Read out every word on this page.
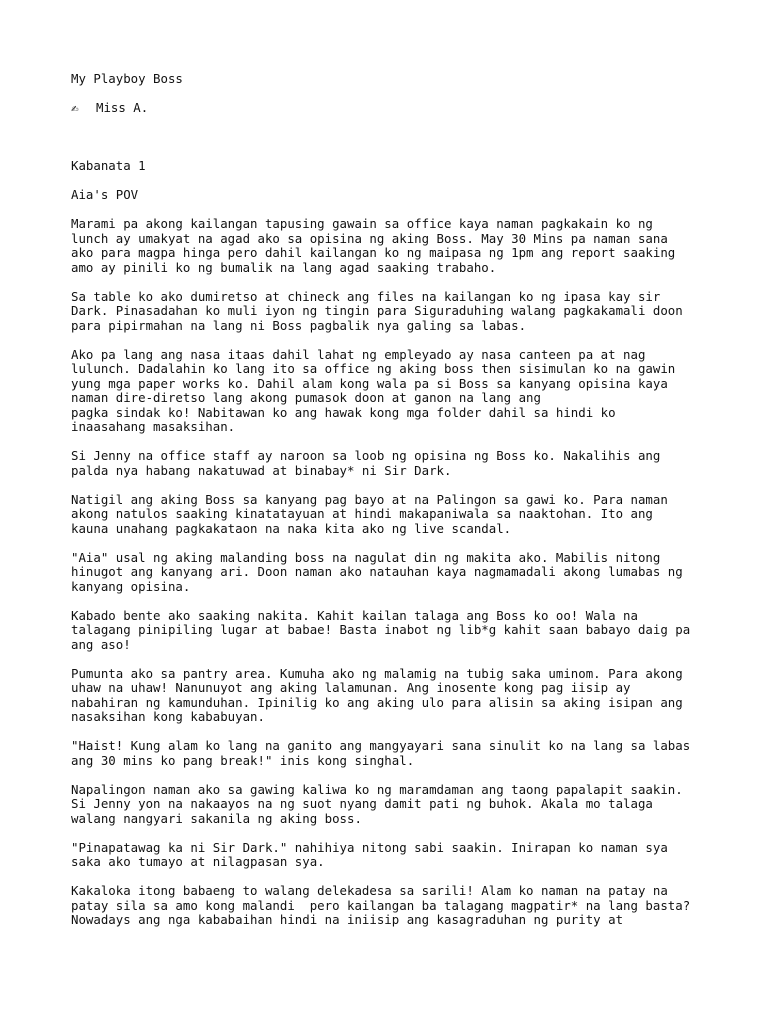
My Playboy Boss
✍ Miss A.
Kabanata 1
Aia's POV
Marami pa akong kailangan tapusing gawain sa office kaya naman pagkakain ko ng
lunch ay umakyat na agad ako sa opisina ng aking Boss. May 30 Mins pa naman sana
ako para magpa hinga pero dahil kailangan ko ng maipasa ng 1pm ang report saaking
amo ay pinili ko ng bumalik na lang agad saaking trabaho.
Sa table ko ako dumiretso at chineck ang files na kailangan ko ng ipasa kay sir
Dark. Pinasadahan ko muli iyon ng tingin para Siguraduhing walang pagkakamali doon
para pipirmahan na lang ni Boss pagbalik nya galing sa labas.
Ako pa lang ang nasa itaas dahil lahat ng empleyado ay nasa canteen pa at nag
lulunch. Dadalahin ko lang ito sa office ng aking boss then sisimulan ko na gawin
yung mga paper works ko. Dahil alam kong wala pa si Boss sa kanyang opisina kaya
naman dire-diretso lang akong pumasok doon at ganon na lang ang
pagka sindak ko! Nabitawan ko ang hawak kong mga folder dahil sa hindi ko
inaasahang masaksihan.
Si Jenny na office staff ay naroon sa loob ng opisina ng Boss ko. Nakalihis ang
palda nya habang nakatuwad at binabay* ni Sir Dark.
Natigil ang aking Boss sa kanyang pag bayo at na Palingon sa gawi ko. Para naman
akong natulos saaking kinatatayuan at hindi makapaniwala sa naaktohan. Ito ang
kauna unahang pagkakataon na naka kita ako ng live scandal.
"Aia" usal ng aking malanding boss na nagulat din ng makita ako. Mabilis nitong
hinugot ang kanyang ari. Doon naman ako natauhan kaya nagmamadali akong lumabas ng
kanyang opisina.
Kabado bente ako saaking nakita. Kahit kailan talaga ang Boss ko oo! Wala na
talagang pinipiling lugar at babae! Basta inabot ng lib*g kahit saan babayo daig pa
ang aso!
Pumunta ako sa pantry area. Kumuha ako ng malamig na tubig saka uminom. Para akong
uhaw na uhaw! Nanunuyot ang aking lalamunan. Ang inosente kong pag iisip ay
nabahiran ng kamunduhan. Ipinilig ko ang aking ulo para alisin sa aking isipan ang
nasaksihan kong kababuyan.
"Haist! Kung alam ko lang na ganito ang mangyayari sana sinulit ko na lang sa labas
ang 30 mins ko pang break!" inis kong singhal.
Napalingon naman ako sa gawing kaliwa ko ng maramdaman ang taong papalapit saakin.
Si Jenny yon na nakaayos na ng suot nyang damit pati ng buhok. Akala mo talaga
walang nangyari sakanila ng aking boss.
"Pinapatawag ka ni Sir Dark." nahihiya nitong sabi saakin. Inirapan ko naman sya
saka ako tumayo at nilagpasan sya.
Kakaloka itong babaeng to walang delekadesa sa sarili! Alam ko naman na patay na
patay sila sa amo kong malandi  pero kailangan ba talagang magpatir* na lang basta?
Nowadays ang nga kababaihan hindi na iniisip ang kasagraduhan ng purity at
